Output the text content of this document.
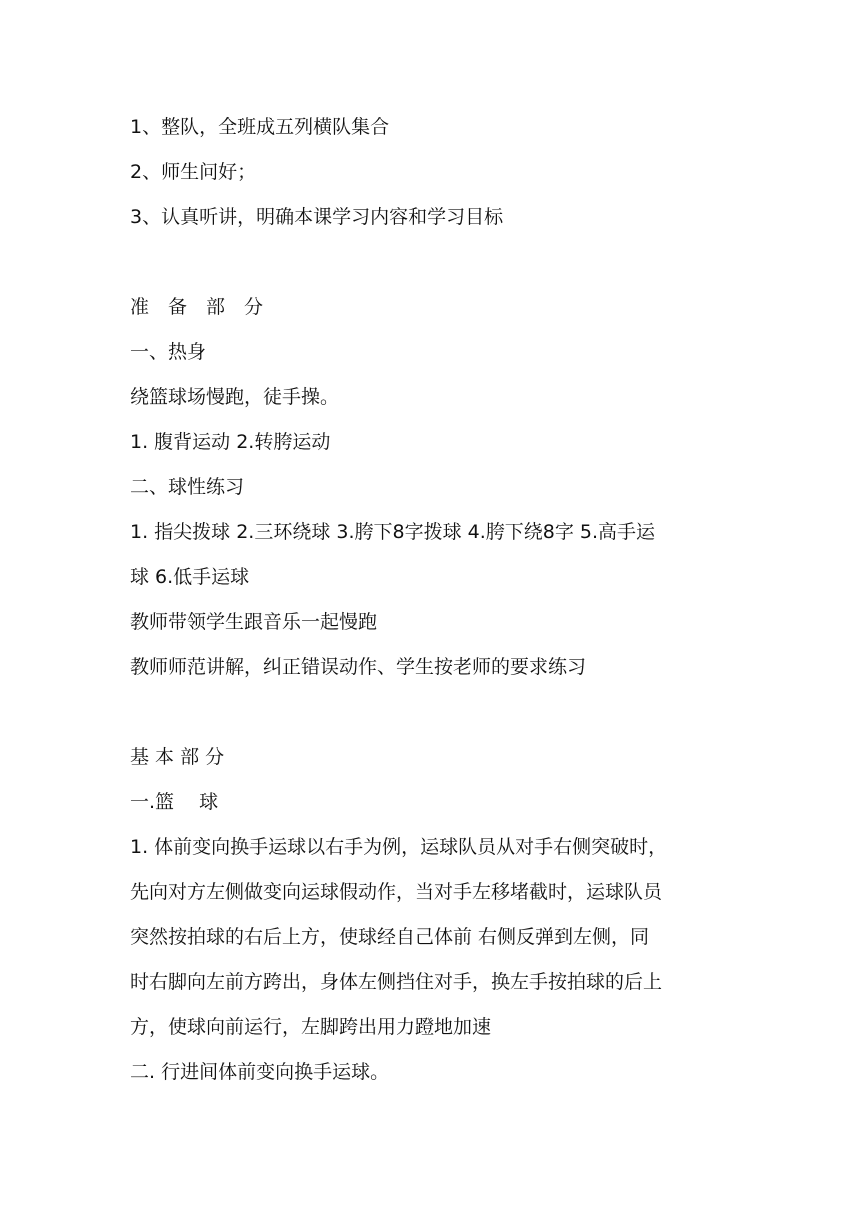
1、整队，全班成五列横队集合
2、师生问好；
3、认真听讲，明确本课学习内容和学习目标
准　备　部　分
一、热身
绕篮球场慢跑，徒手操。
1. 腹背运动 2.转胯运动
二、球性练习
1. 指尖拨球 2.三环绕球 3.胯下8字拨球 4.胯下绕8字 5.高手运
球 6.低手运球
教师带领学生跟音乐一起慢跑
教师师范讲解，纠正错误动作、学生按老师的要求练习
基 本 部 分
一.篮　 球
1. 体前变向换手运球以右手为例，运球队员从对手右侧突破时，
先向对方左侧做变向运球假动作，当对手左移堵截时，运球队员
突然按拍球的右后上方，使球经自己体前 右侧反弹到左侧，同
时右脚向左前方跨出，身体左侧挡住对手，换左手按拍球的后上
方，使球向前运行，左脚跨出用力蹬地加速
二. 行进间体前变向换手运球。
